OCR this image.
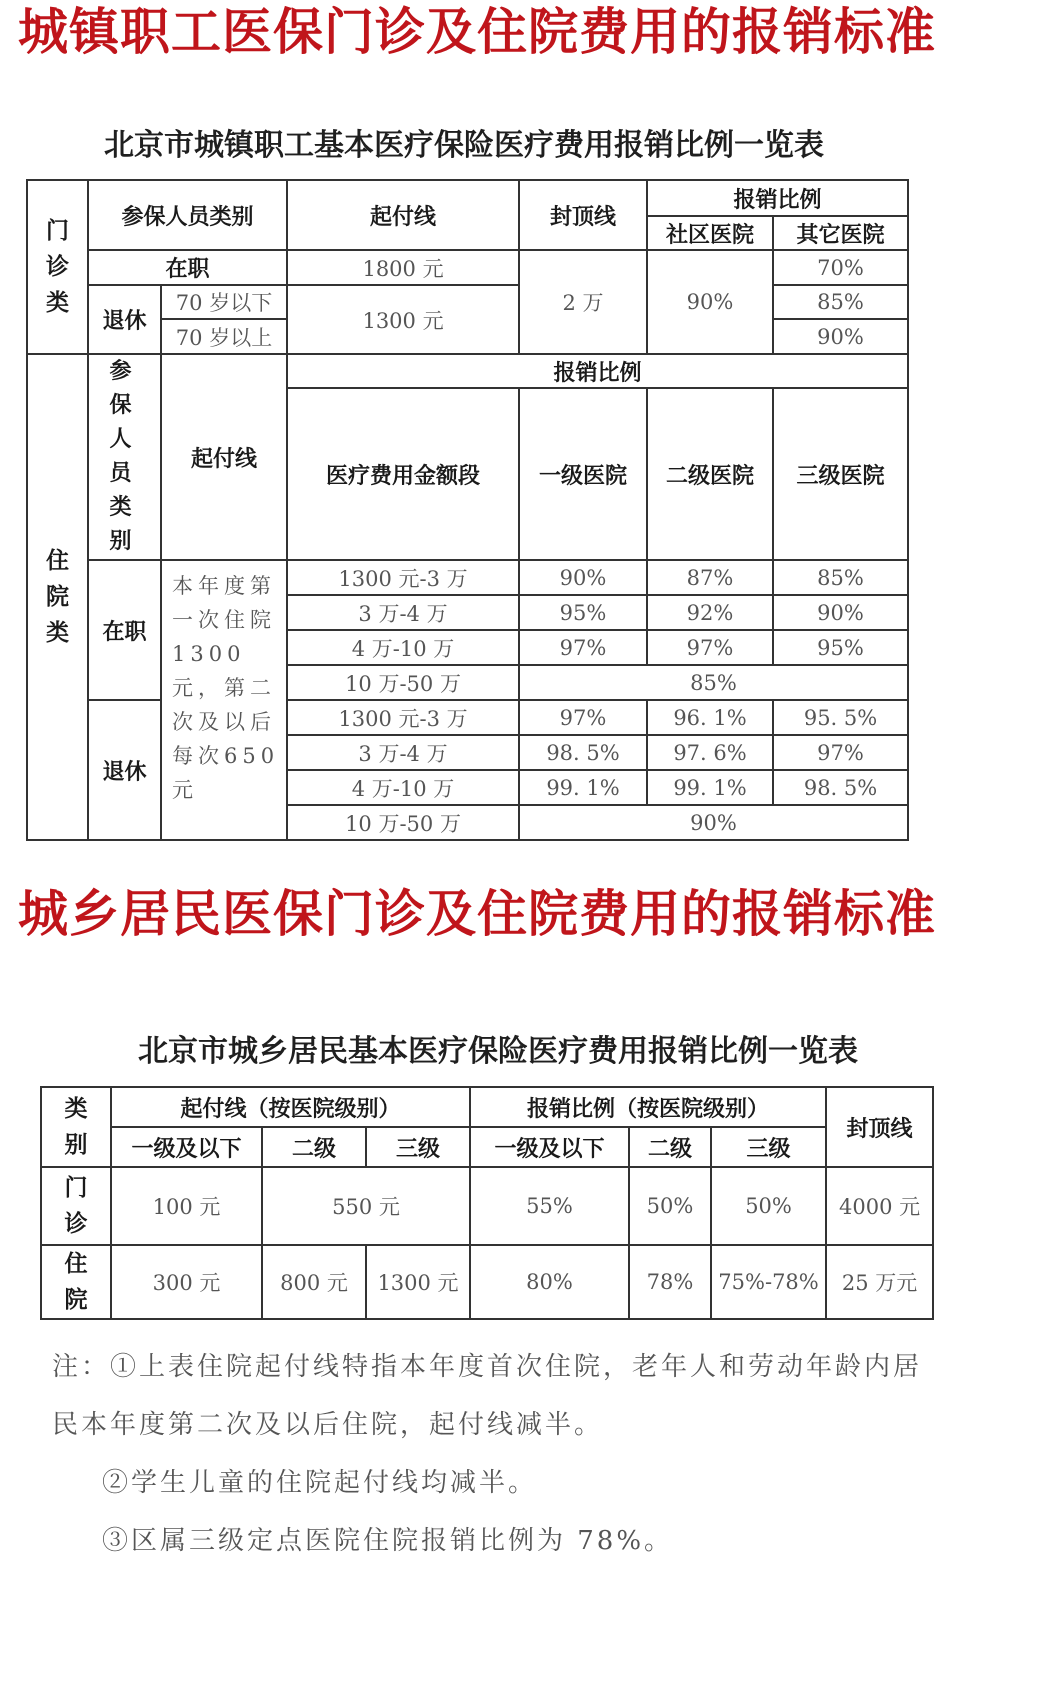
城镇职工医保门诊及住院费用的报销标准
北京市城镇职工基本医疗保险医疗费用报销比例一览表
门诊类	参保人员类别		起付线	封顶线	报销比例	
					社区医院	其它医院
	在职		1800 元	2 万	90%	70%
	退休	70 岁以下	1300 元			85%
		70 岁以上				90%
住院类	参保人员类别	起付线	报销比例			
			医疗费用金额段	一级医院	二级医院	三级医院

	在职	本年度第一次住院1300元，第二次及以后每次650元	1300 元-3 万	90%	87%	85%
			3 万-4 万	95%	92%	90%
			4 万-10 万	97%	97%	95%
			10 万-50 万	85%		
	退休		1300 元-3 万	97%	96. 1%	95. 5%
			3 万-4 万	98. 5%	97. 6%	97%
			4 万-10 万	99. 1%	99. 1%	98. 5%
			10 万-50 万	90%		
城乡居民医保门诊及住院费用的报销标准
北京市城乡居民基本医疗保险医疗费用报销比例一览表
类别	起付线（按医院级别）			报销比例（按医院级别）			封顶线
	一级及以下	二级	三级	一级及以下	二级	三级	
门诊	100 元	550 元		55%	50%	50%	4000 元
住院	300 元	800 元	1300 元	80%	78%	75%-78%	25 万元

注：①上表住院起付线特指本年度首次住院，老年人和劳动年龄内居

民本年度第二次及以后住院，起付线减半。

②学生儿童的住院起付线均减半。

③区属三级定点医院住院报销比例为 78%。
